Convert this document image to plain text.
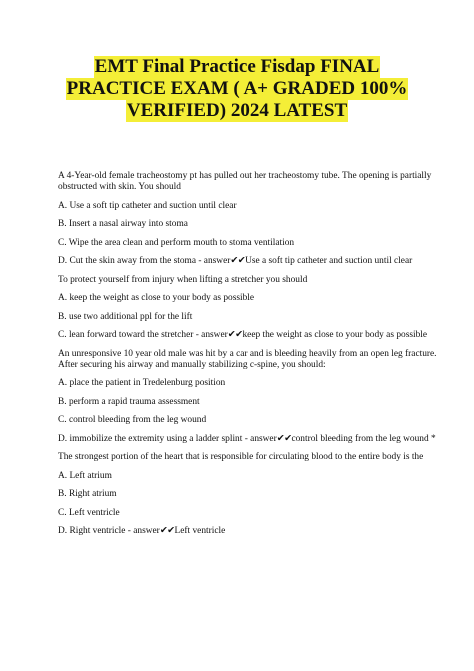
EMT Final Practice Fisdap FINAL
PRACTICE EXAM ( A+ GRADED 100%
VERIFIED) 2024 LATEST

A 4-Year-old female tracheostomy pt has pulled out her tracheostomy tube. The opening is partially obstructed with skin. You should

A. Use a soft tip catheter and suction until clear

B. Insert a nasal airway into stoma

C. Wipe the area clean and perform mouth to stoma ventilation

D. Cut the skin away from the stoma - answer✔✔Use a soft tip catheter and suction until clear

To protect yourself from injury when lifting a stretcher you should

A. keep the weight as close to your body as possible

B. use two additional ppl for the lift

C. lean forward toward the stretcher - answer✔✔keep the weight as close to your body as possible

An unresponsive 10 year old male was hit by a car and is bleeding heavily from an open leg fracture. After securing his airway and manually stabilizing c-spine, you should:

A. place the patient in Tredelenburg position

B. perform a rapid trauma assessment

C. control bleeding from the leg wound

D. immobilize the extremity using a ladder splint - answer✔✔control bleeding from the leg wound *

The strongest portion of the heart that is responsible for circulating blood to the entire body is the

A. Left atrium

B. Right atrium

C. Left ventricle

D. Right ventricle - answer✔✔Left ventricle
